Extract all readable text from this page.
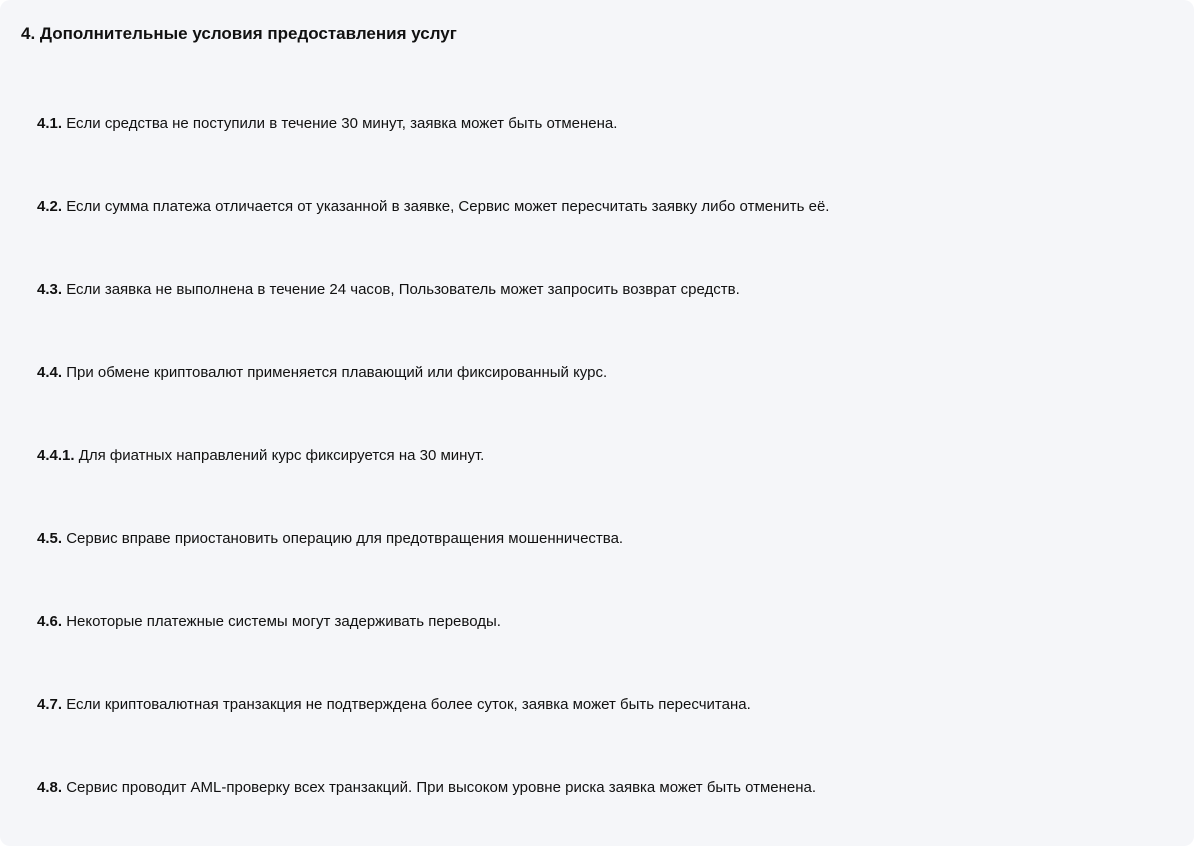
4. Дополнительные условия предоставления услуг
4.1. Если средства не поступили в течение 30 минут, заявка может быть отменена.
4.2. Если сумма платежа отличается от указанной в заявке, Сервис может пересчитать заявку либо отменить её.
4.3. Если заявка не выполнена в течение 24 часов, Пользователь может запросить возврат средств.
4.4. При обмене криптовалют применяется плавающий или фиксированный курс.
4.4.1. Для фиатных направлений курс фиксируется на 30 минут.
4.5. Сервис вправе приостановить операцию для предотвращения мошенничества.
4.6. Некоторые платежные системы могут задерживать переводы.
4.7. Если криптовалютная транзакция не подтверждена более суток, заявка может быть пересчитана.
4.8. Сервис проводит AML-проверку всех транзакций. При высоком уровне риска заявка может быть отменена.
